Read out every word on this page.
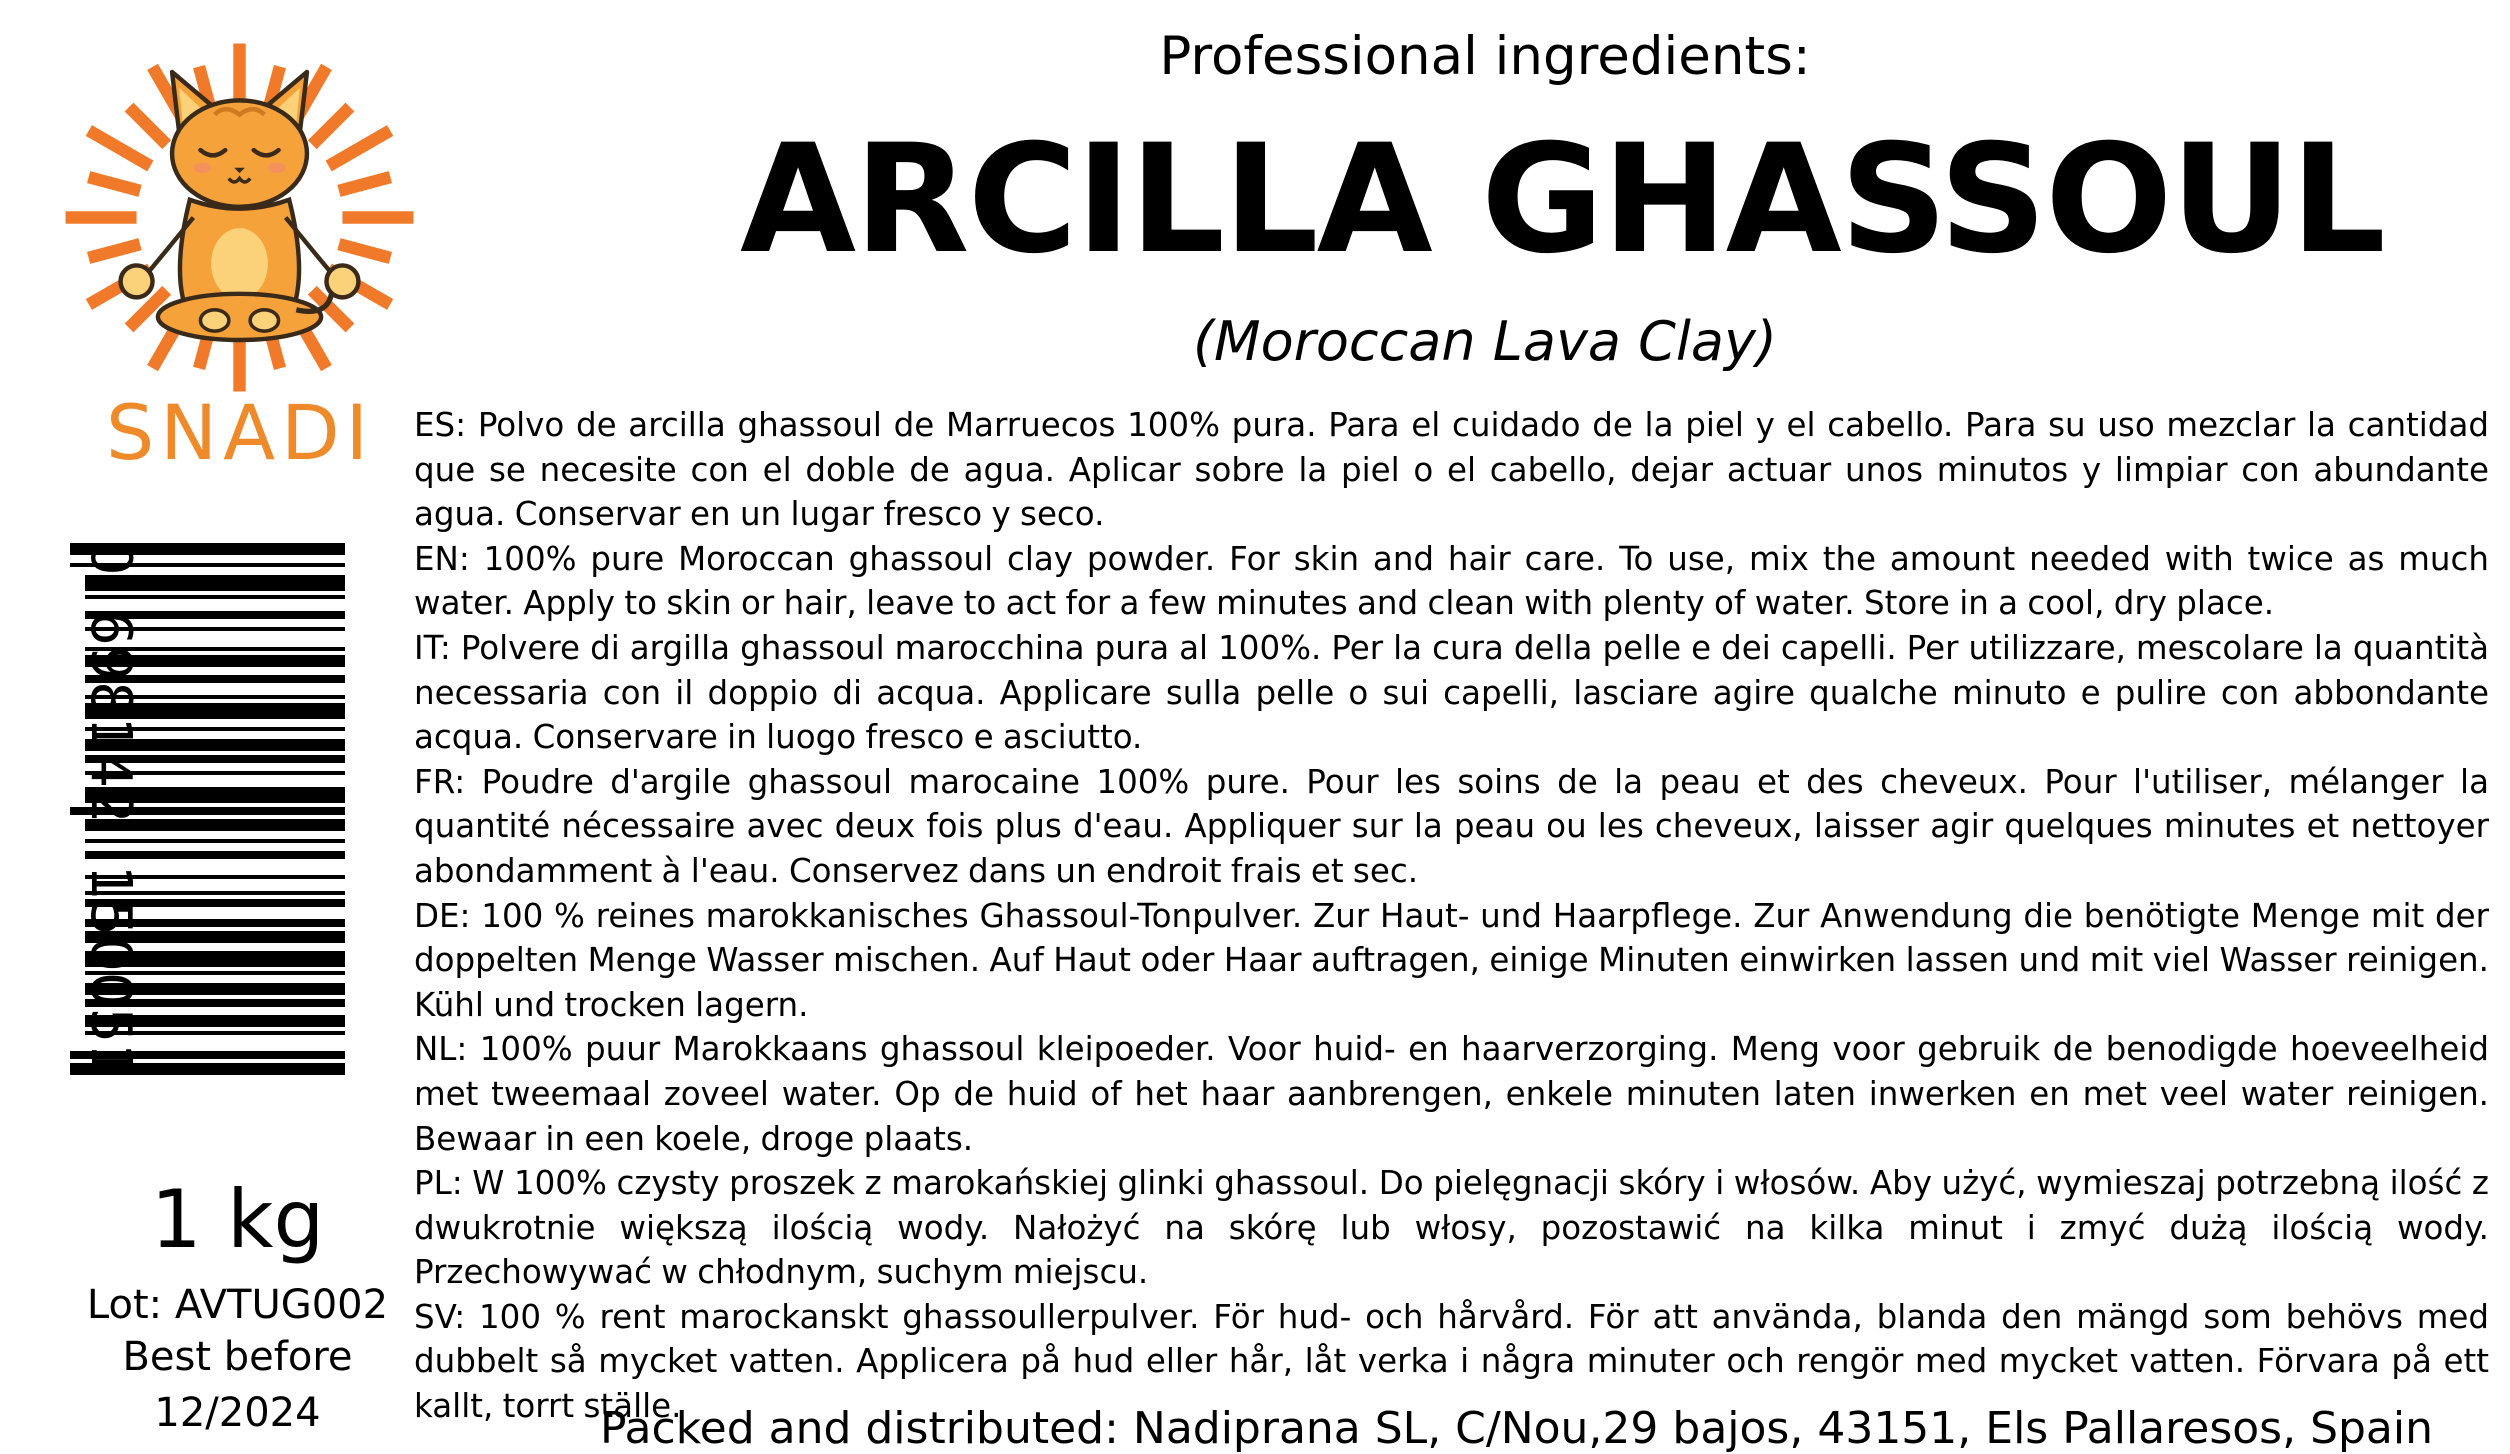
SNADI
0
698142
150051
1 kg
Lot: AVTUG002
Best before
12/2024
Professional ingredients:
ARCILLA GHASSOUL
(Moroccan Lava Clay)

ES: Polvo de arcilla ghassoul de Marruecos 100% pura. Para el cuidado de la piel y el cabello. Para su uso mezclar la cantidad que se necesite con el doble de agua. Aplicar sobre la piel o el cabello, dejar actuar unos minutos y limpiar con abundante agua. Conservar en un lugar fresco y seco.

EN: 100% pure Moroccan ghassoul clay powder. For skin and hair care. To use, mix the amount needed with twice as much water. Apply to skin or hair, leave to act for a few minutes and clean with plenty of water. Store in a cool, dry place.

IT: Polvere di argilla ghassoul marocchina pura al 100%. Per la cura della pelle e dei capelli. Per utilizzare, mescolare la quantità necessaria con il doppio di acqua. Applicare sulla pelle o sui capelli, lasciare agire qualche minuto e pulire con abbondante acqua. Conservare in luogo fresco e asciutto.

FR: Poudre d'argile ghassoul marocaine 100% pure. Pour les soins de la peau et des cheveux. Pour l'utiliser, mélanger la quantité nécessaire avec deux fois plus d'eau. Appliquer sur la peau ou les cheveux, laisser agir quelques minutes et nettoyer abondamment à l'eau. Conservez dans un endroit frais et sec.

DE: 100 % reines marokkanisches Ghassoul-Tonpulver. Zur Haut- und Haarpflege. Zur Anwendung die benötigte Menge mit der doppelten Menge Wasser mischen. Auf Haut oder Haar auftragen, einige Minuten einwirken lassen und mit viel Wasser reinigen. Kühl und trocken lagern.

NL: 100% puur Marokkaans ghassoul kleipoeder. Voor huid- en haarverzorging. Meng voor gebruik de benodigde hoeveelheid met tweemaal zoveel water. Op de huid of het haar aanbrengen, enkele minuten laten inwerken en met veel water reinigen. Bewaar in een koele, droge plaats.

PL: W 100% czysty proszek z marokańskiej glinki ghassoul. Do pielęgnacji skóry i włosów. Aby użyć, wymieszaj potrzebną ilość z dwukrotnie większą ilością wody. Nałożyć na skórę lub włosy, pozostawić na kilka minut i zmyć dużą ilością wody. Przechowywać w chłodnym, suchym miejscu.

SV: 100 % rent marockanskt ghassoullerpulver. För hud- och hårvård. För att använda, blanda den mängd som behövs med dubbelt så mycket vatten. Applicera på hud eller hår, låt verka i några minuter och rengör med mycket vatten. Förvara på ett kallt, torrt ställe.

Packed and distributed: Nadiprana SL, C/Nou,29 bajos, 43151, Els Pallaresos, Spain
